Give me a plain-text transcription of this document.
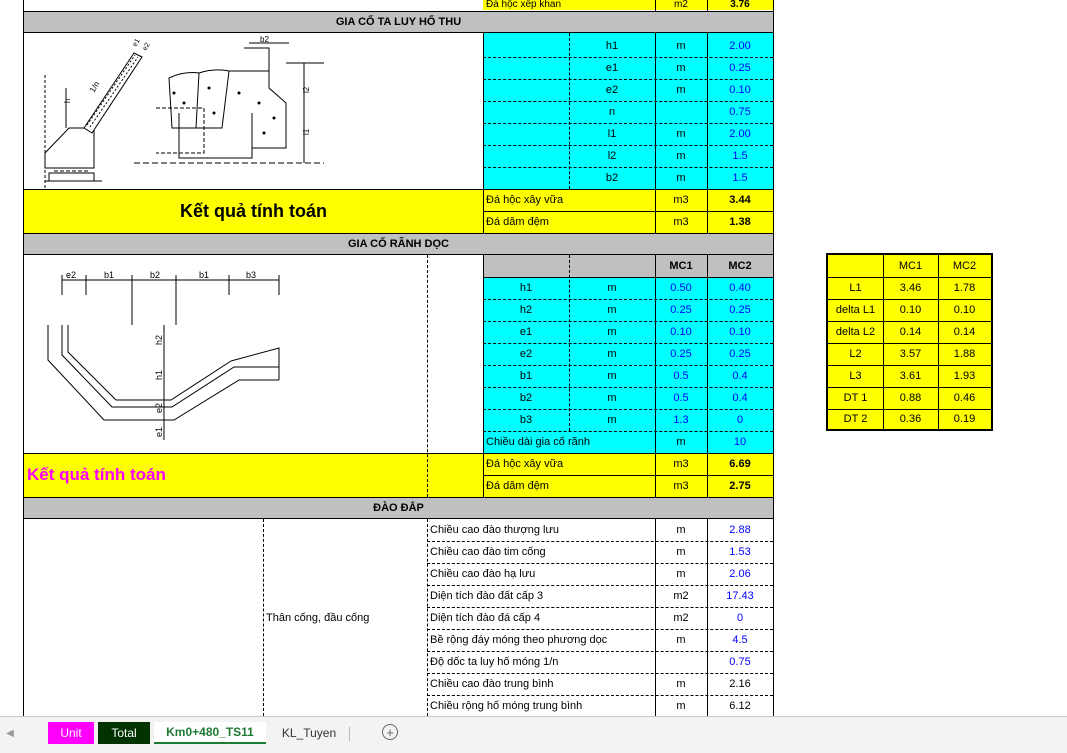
Đá hộc xếp khan	m2	3.76
GIA CỐ TA LUY HỐ THU
h
1/n
e1 e2
b2
l2
l1
h1	m	2.00
e1	m	0.25
e2	m	0.10
n	0.75
l1	m	2.00
l2	m	1.5
b2	m	1.5
Kết quả tính toán
Đá hộc xây vữa	m3	3.44
Đá dăm đệm	m3	1.38
GIA CỐ RÃNH DỌC
e2	b1	b2	b1	b3
h2
h1
e2
e1
MC1	MC2
h1	m	0.50	0.40
h2	m	0.25	0.25
e1	m	0.10	0.10
e2	m	0.25	0.25
b1	m	0.5	0.4
b2	m	0.5	0.4
b3	m	1.3	0
Chiều dài gia cố rãnh	m	10
Kết quả tính toán
Đá hộc xây vữa	m3	6.69
Đá dăm đệm	m3	2.75
ĐÀO ĐẮP
Thân cống, đầu cống
Chiều cao đào thượng lưu	m	2.88
Chiều cao đào tim cống	m	1.53
Chiều cao đào hạ lưu	m	2.06
Diện tích đào đất cấp 3	m2	17.43
Diện tích đào đá cấp 4	m2	0
Bề rộng đáy móng theo phương dọc	m	4.5
Độ dốc ta luy hố móng 1/n	0.75
Chiều cao đào trung bình	m	2.16
Chiều rộng hố móng trung bình	m	6.12
MC1	MC2
L1	3.46	1.78
delta L1	0.10	0.10
delta L2	0.14	0.14
L2	3.57	1.88
L3	3.61	1.93
DT 1	0.88	0.46
DT 2	0.36	0.19
◀	Unit	Total	Km0+480_TS11	KL_Tuyen	+
